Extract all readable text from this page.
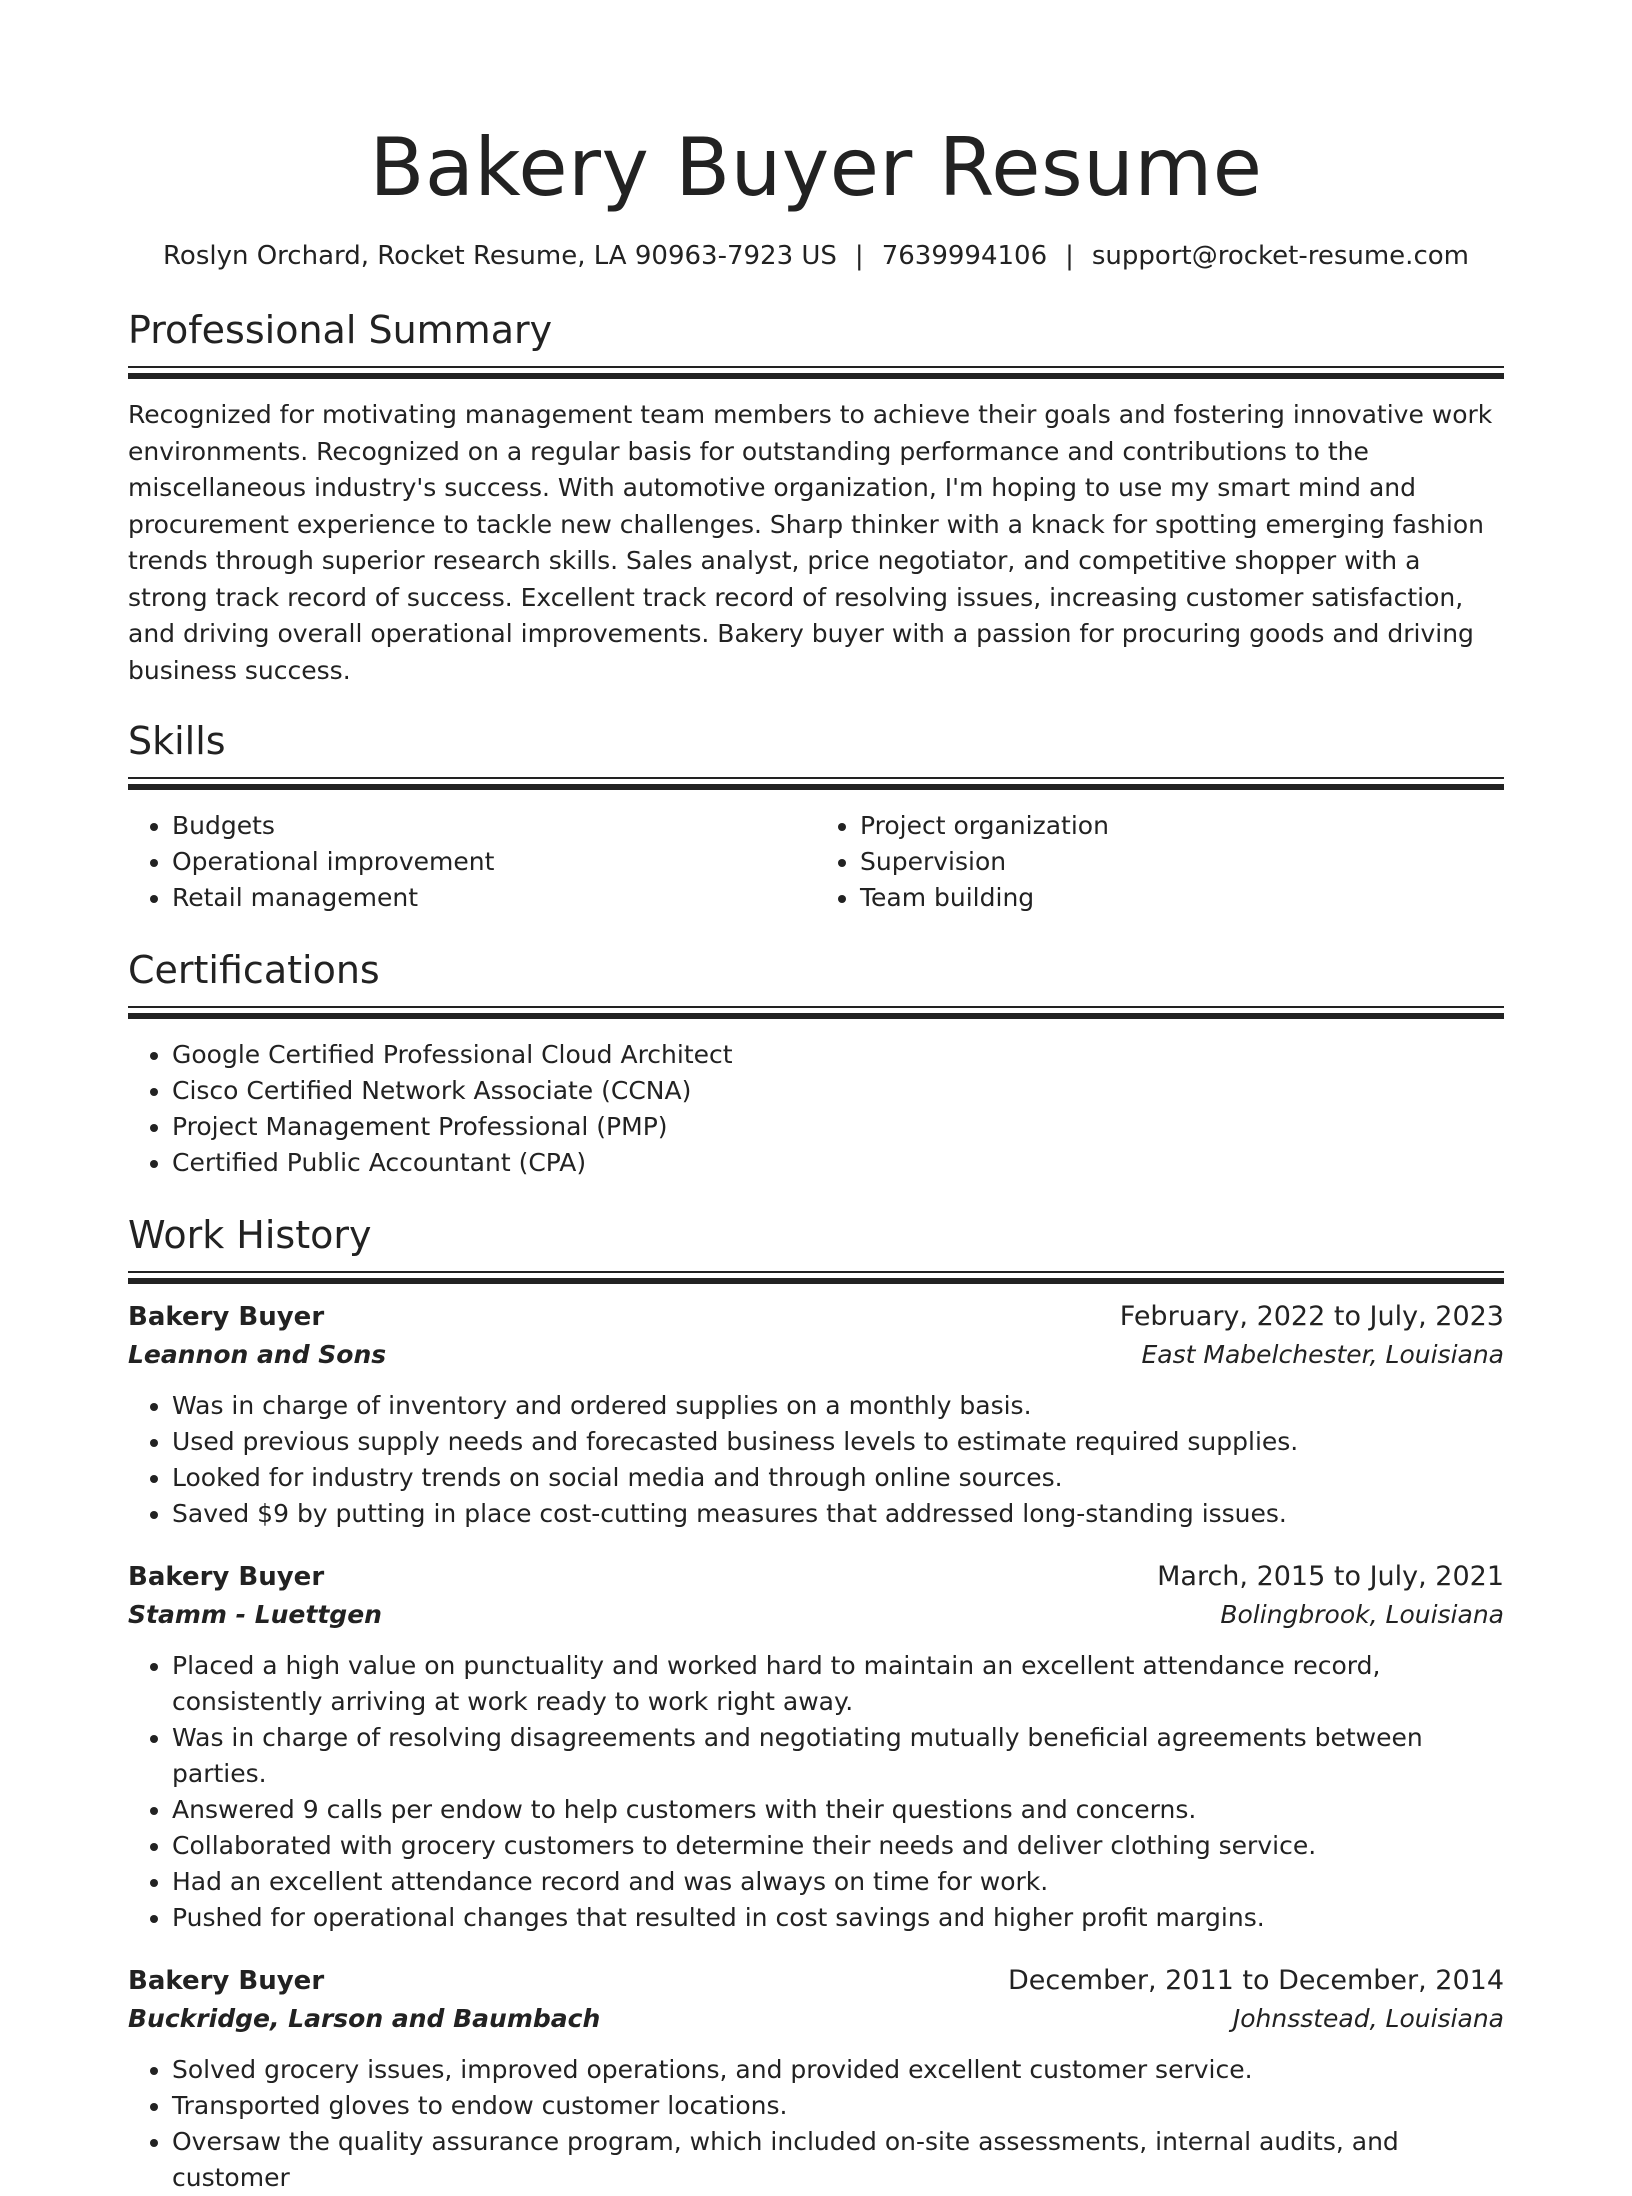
Bakery Buyer Resume
Roslyn Orchard, Rocket Resume, LA 90963-7923 US | 7639994106 | support@rocket-resume.com
Professional Summary

Recognized for motivating management team members to achieve their goals and fostering innovative work environments. Recognized on a regular basis for outstanding performance and contributions to the miscellaneous industry's success. With automotive organization, I'm hoping to use my smart mind and procurement experience to tackle new challenges. Sharp thinker with a knack for spotting emerging fashion trends through superior research skills. Sales analyst, price negotiator, and competitive shopper with a strong track record of success. Excellent track record of resolving issues, increasing customer satisfaction, and driving overall operational improvements. Bakery buyer with a passion for procuring goods and driving business success.

Skills
• Budgets
• Operational improvement
• Retail management
• Project organization
• Supervision
• Team building
Certifications
• Google Certified Professional Cloud Architect
• Cisco Certified Network Associate (CCNA)
• Project Management Professional (PMP)
• Certified Public Accountant (CPA)
Work History
Bakery Buyer	February, 2022 to July, 2023
Leannon and Sons	East Mabelchester, Louisiana
• Was in charge of inventory and ordered supplies on a monthly basis.
• Used previous supply needs and forecasted business levels to estimate required supplies.
• Looked for industry trends on social media and through online sources.
• Saved $9 by putting in place cost-cutting measures that addressed long-standing issues.
Bakery Buyer	March, 2015 to July, 2021
Stamm - Luettgen	Bolingbrook, Louisiana
• Placed a high value on punctuality and worked hard to maintain an excellent attendance record, consistently arriving at work ready to work right away.
• Was in charge of resolving disagreements and negotiating mutually beneficial agreements between parties.
• Answered 9 calls per endow to help customers with their questions and concerns.
• Collaborated with grocery customers to determine their needs and deliver clothing service.
• Had an excellent attendance record and was always on time for work.
• Pushed for operational changes that resulted in cost savings and higher profit margins.
Bakery Buyer	December, 2011 to December, 2014
Buckridge, Larson and Baumbach	Johnsstead, Louisiana
• Solved grocery issues, improved operations, and provided excellent customer service.
• Transported gloves to endow customer locations.
• Oversaw the quality assurance program, which included on-site assessments, internal audits, and customer
